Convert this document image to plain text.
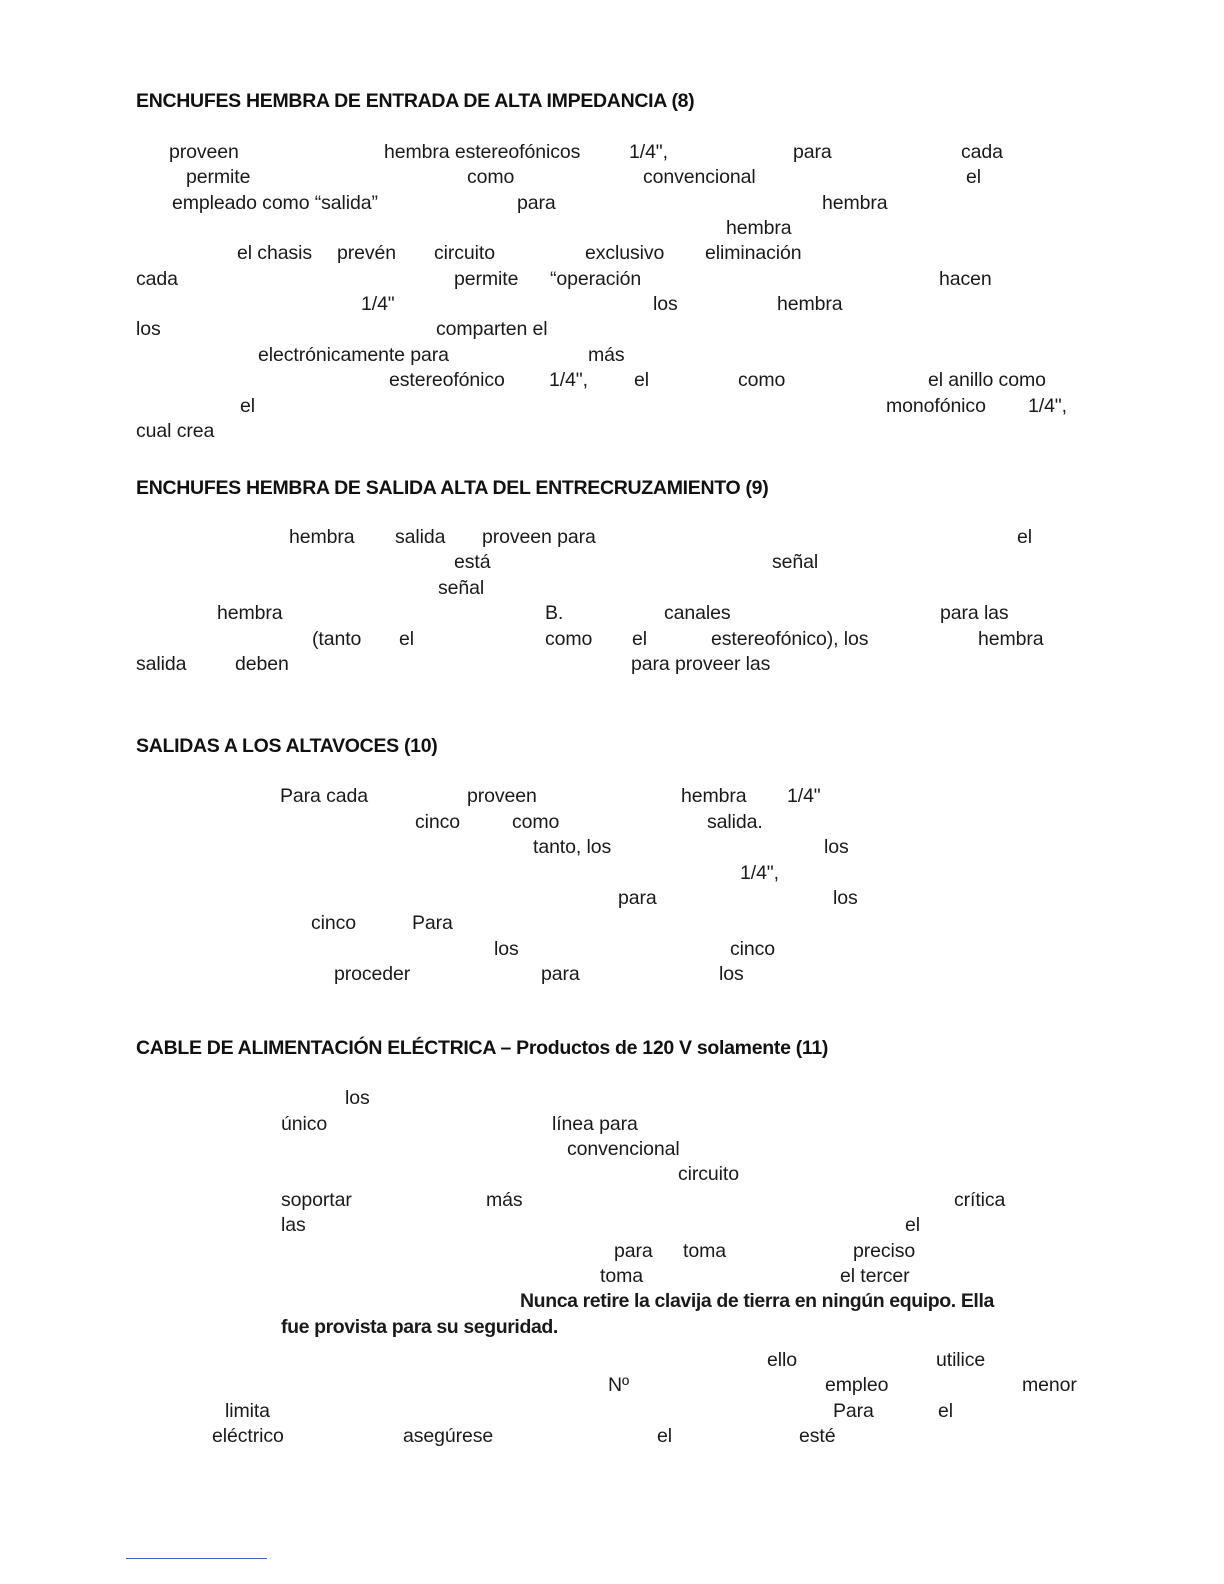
ENCHUFES HEMBRA DE ENTRADA DE ALTA IMPEDANCIA (8)
proveen	hembra estereofónicos 1/4",	para	cada
permite	como	convencional	el
empleado como “salida”	para	hembra
hembra
el chasis prevén circuito	exclusivo eliminación
cada	permite “operación	hacen
1/4"	los	hembra
los	comparten el
electrónicamente para	más
estereofónico 1/4", el	como	el anillo como
el	monofónico 1/4",
cual crea
ENCHUFES HEMBRA DE SALIDA ALTA DEL ENTRECRUZAMIENTO (9)
hembra salida proveen para	el
está	señal
señal
hembra	B.	canales	para las
(tanto el	como el	estereofónico), los	hembra
salida deben	para proveer las
SALIDAS A LOS ALTAVOCES (10)
Para cada	proveen	hembra 1/4"
cinco	como	salida.
tanto, los	los
1/4",
para	los
cinco	Para
los	cinco
proceder	para	los
CABLE DE ALIMENTACIÓN ELÉCTRICA – Productos de 120 V solamente (11)
los
único	línea para
convencional
circuito
soportar	más	crítica
las	el
para toma	preciso
toma	el tercer
Nunca retire la clavija de tierra en ningún equipo. Ella
fue provista para su seguridad.
ello	utilice
Nº	empleo	menor
limita	Para	el
eléctrico	asegúrese	el	esté
